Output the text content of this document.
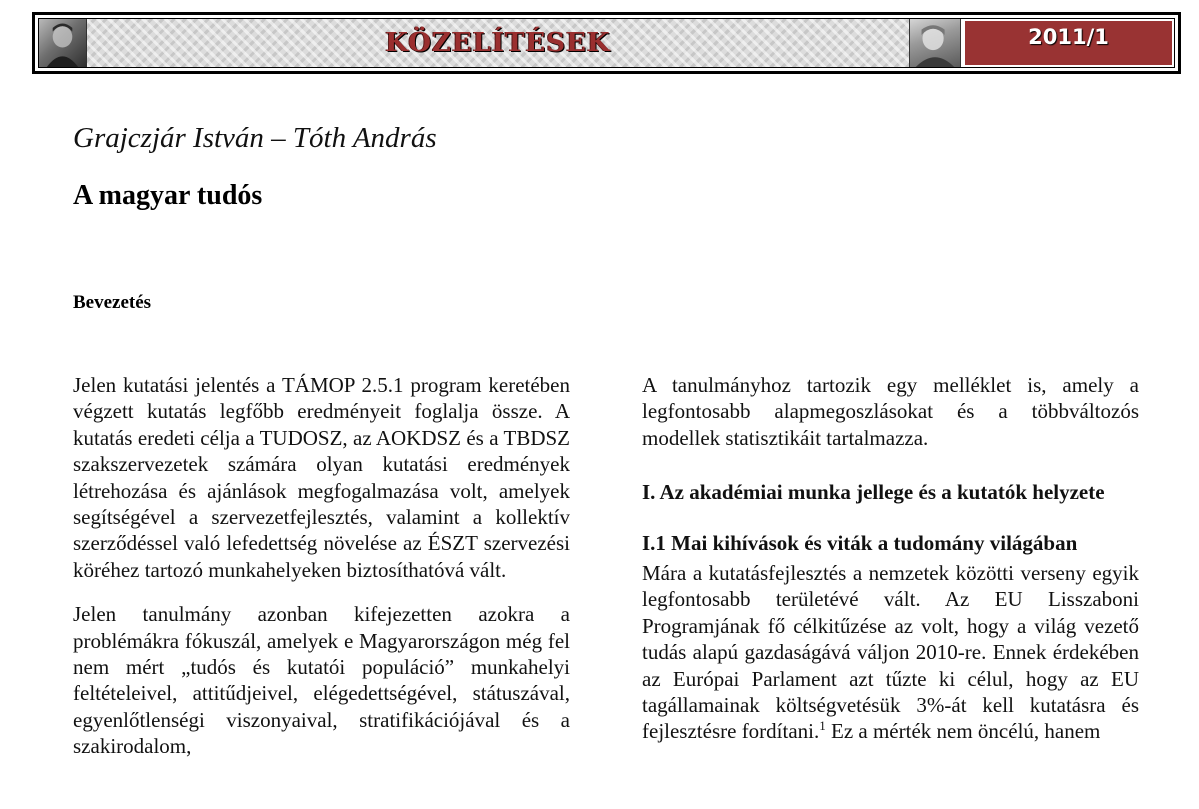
KÖZELÍTÉSEK	2011/1
Grajczjár István – Tóth András
A magyar tudós
Bevezetés

Jelen kutatási jelentés a TÁMOP 2.5.1 program keretében végzett kutatás legfőbb eredményeit foglalja össze. A kutatás eredeti célja a TUDOSZ, az AOKDSZ és a TBDSZ szakszervezetek számára olyan kutatási eredmények létrehozása és ajánlások megfogalmazása volt, amelyek segítségével a szervezetfejlesztés, valamint a kollektív szerződéssel való lefedettség növelése az ÉSZT szervezési köréhez tartozó munkahelyeken biztosíthatóvá vált.

Jelen tanulmány azonban kifejezetten azokra a problémákra fókuszál, amelyek e Magyarországon még fel nem mért „tudós és kutatói populáció” munkahelyi feltételeivel, attitűdjeivel, elégedettségével, státuszával, egyenlőtlenségi viszonyaival, stratifikációjával és a szakirodalom,

A tanulmányhoz tartozik egy melléklet is, amely a legfontosabb alapmegoszlásokat és a többváltozós modellek statisztikáit tartalmazza.

I. Az akadémiai munka jellege és a kutatók helyzete

I.1 Mai kihívások és viták a tudomány világában

Mára a kutatásfejlesztés a nemzetek közötti verseny egyik legfontosabb területévé vált. Az EU Lisszaboni Programjának fő célkitűzése az volt, hogy a világ vezető tudás alapú gazdaságává váljon 2010-re. Ennek érdekében az Európai Parlament azt tűzte ki célul, hogy az EU tagállamainak költségvetésük 3%-át kell kutatásra és fejlesztésre fordítani.$^1$ Ez a mérték nem öncélú, hanem
